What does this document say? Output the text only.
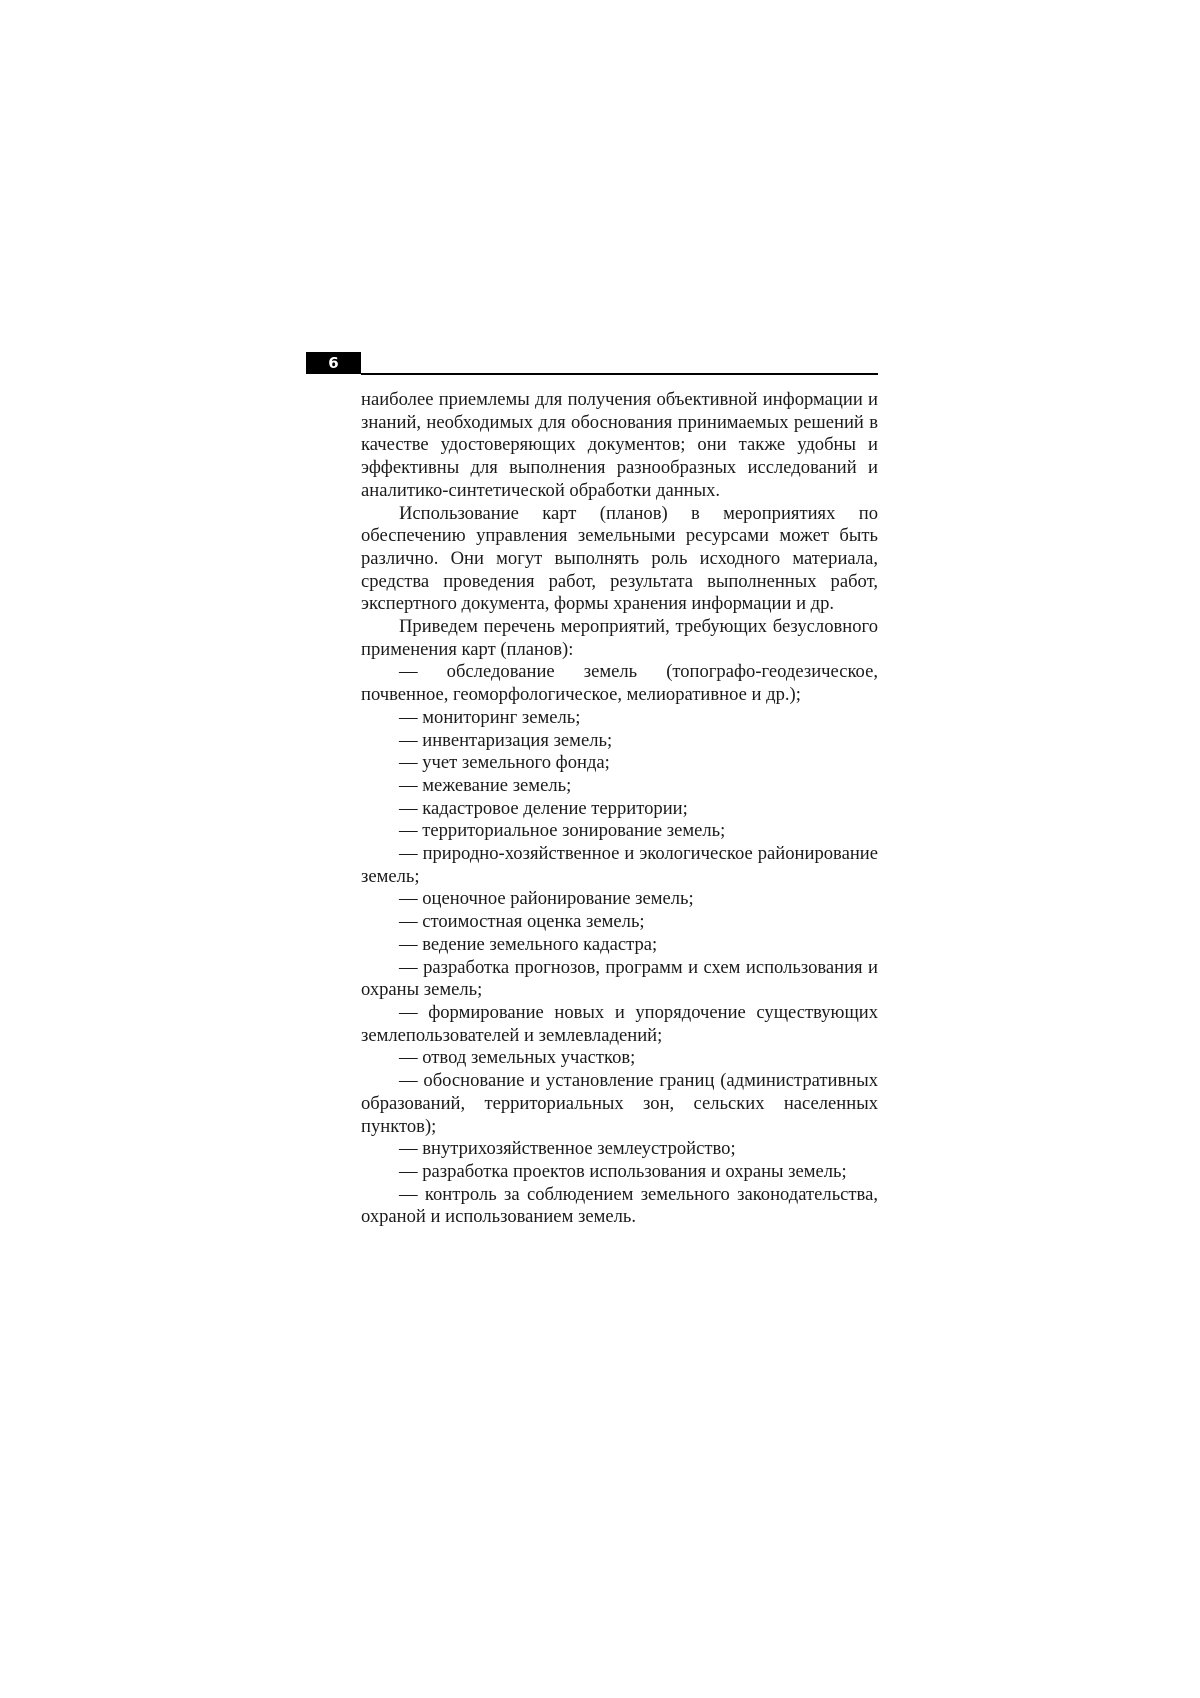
6

наиболее приемлемы для получения объективной информации и знаний, необходимых для обоснования принимаемых решений в качестве удостоверяющих документов; они также удобны и эффективны для выполнения разнообразных исследований и аналитико-синтетической обработки данных.

Использование карт (планов) в мероприятиях по обеспечению управления земельными ресурсами может быть различно. Они могут выполнять роль исходного материала, средства проведения работ, результата выполненных работ, экспертного документа, формы хранения информации и др.

Приведем перечень мероприятий, требующих безусловного применения карт (планов):

— обследование земель (топографо-геодезическое, почвенное, геоморфологическое, мелиоративное и др.);

— мониторинг земель;

— инвентаризация земель;

— учет земельного фонда;

— межевание земель;

— кадастровое деление территории;

— территориальное зонирование земель;

— природно-хозяйственное и экологическое районирование земель;

— оценочное районирование земель;

— стоимостная оценка земель;

— ведение земельного кадастра;

— разработка прогнозов, программ и схем использования и охраны земель;

— формирование новых и упорядочение существующих землепользователей и землевладений;

— отвод земельных участков;

— обоснование и установление границ (административных образований, территориальных зон, сельских населенных пунктов);

— внутрихозяйственное землеустройство;

— разработка проектов использования и охраны земель;

— контроль за соблюдением земельного законодательства, охраной и использованием земель.
